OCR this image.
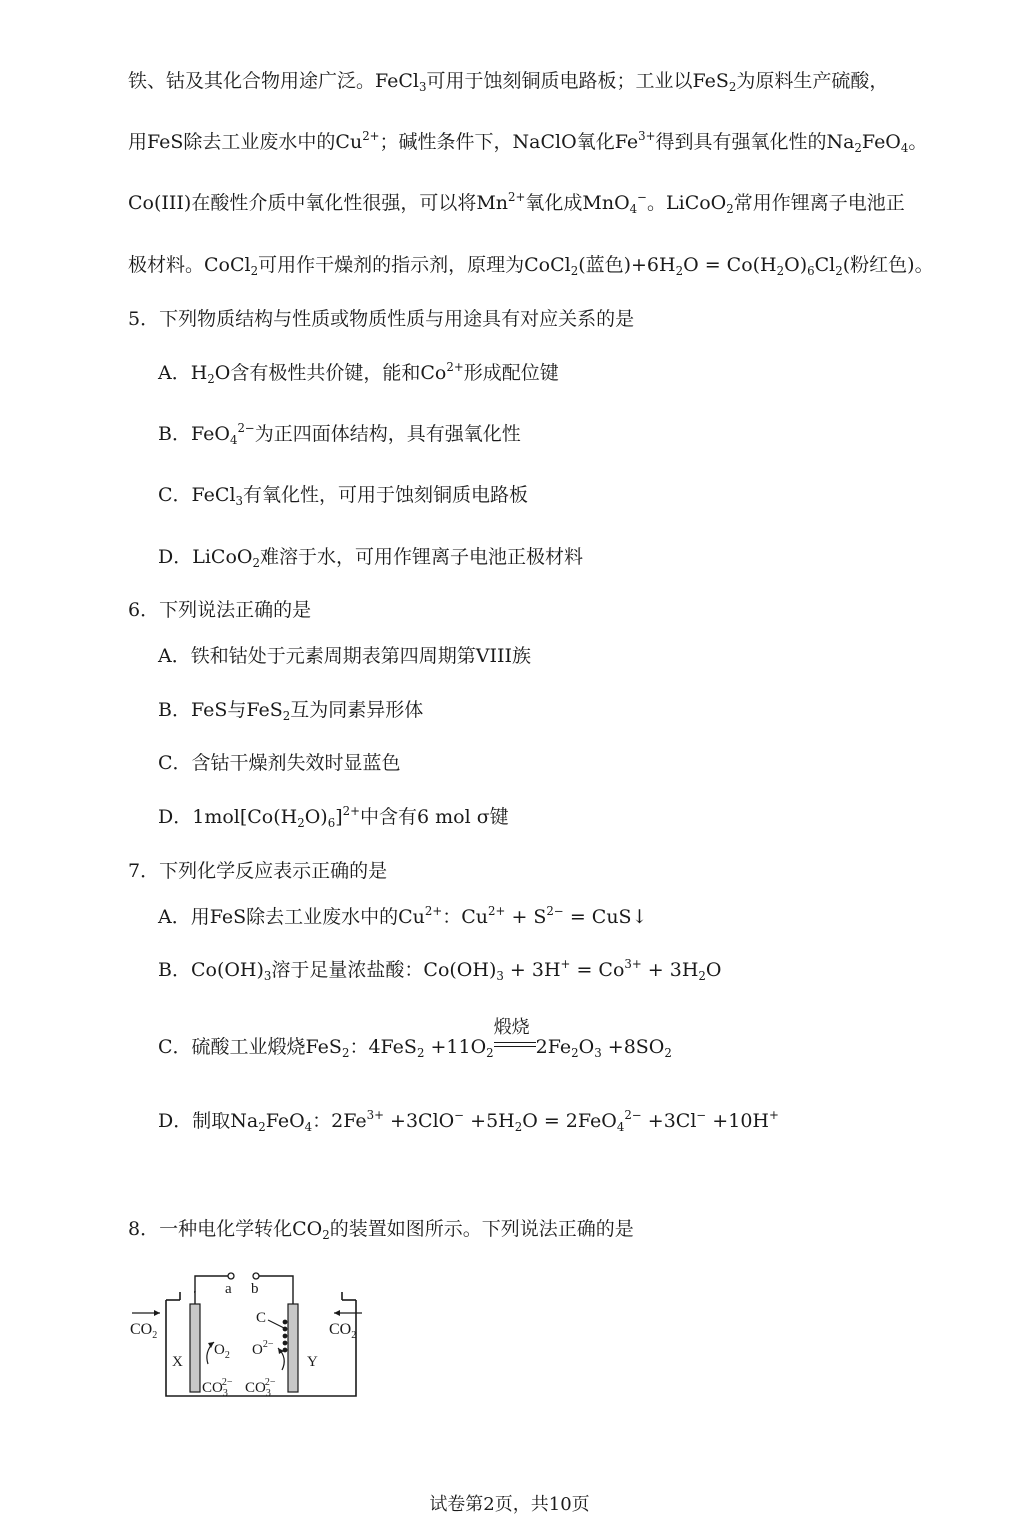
铁、钴及其化合物用途广泛。FeCl$_3$可用于蚀刻铜质电路板；工业以FeS$_2$为原料生产硫酸，
用FeS除去工业废水中的$Cu^{2+}$；碱性条件下，NaClO氧化$Fe^{3+}$得到具有强氧化性的$Na_2FeO_4$。
Co(III)在酸性介质中氧化性很强，可以将$Mn^{2+}$氧化成MnO$_4$−。LiCoO$_2$常用作锂离子电池正
极材料。CoCl$_2$可用作干燥剂的指示剂，原理为CoCl$_2$(蓝色)$+6H_2O = Co(H_2O)_6Cl_2$(粉红色)。
5．下列物质结构与性质或物质性质与用途具有对应关系的是
A．$H_2O$含有极性共价键，能和$Co^{2+}$形成配位键
B．FeO$_4^{2-}$为正四面体结构，具有强氧化性
C．FeCl$_3$有氧化性，可用于蚀刻铜质电路板
D．LiCoO$_2$难溶于水，可用作锂离子电池正极材料
6．下列说法正确的是
A．铁和钴处于元素周期表第四周期第VIII族
B．FeS与FeS$_2$互为同素异形体
C．含钴干燥剂失效时显蓝色
D．$1mol[Co(H_2O)_6]^{2+}$中含有6 mol σ键
7．下列化学反应表示正确的是
A．用FeS除去工业废水中的$Cu^{2+}$：$Cu^{2+} + S^{2-}$ = CuS↓
B．$Co(OH)_3$溶于足量浓盐酸：$Co(OH)_3 + 3H^+ = Co^{3+} + 3H_2O$
C．硫酸工业煅烧FeS$_2$：$4FeS_2 +11O_2$
煅烧
$2Fe_2O_3 +8SO_2$
D．制取$Na_2FeO_4$：$2Fe^{3+} +3ClO^- +5H_2O = 2FeO_4^{2-} +3Cl^- +10H^+$
8．一种电化学转化$CO_2$的装置如图所示。下列说法正确的是
a b
$CO_2$	$CO_2$
X	Y
$O_2$
C
$O^{2-}$
$CO_32- CO_32-$
试卷第2页，共10页
